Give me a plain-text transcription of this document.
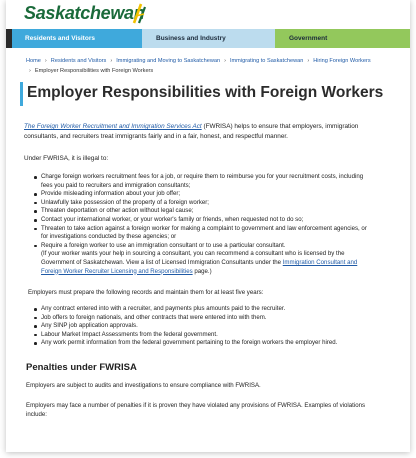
Saskatchewan
Residents and Visitors	Business and Industry	Government
Home › Residents and Visitors › Immigrating and Moving to Saskatchewan › Immigrating to Saskatchewan › Hiring Foreign Workers
› Employer Responsibilities with Foreign Workers
Employer Responsibilities with Foreign Workers

The Foreign Worker Recruitment and Immigration Services Act (FWRISA) helps to ensure that employers, immigration consultants, and recruiters treat immigrants fairly and in a fair, honest, and respectful manner.

Under FWRISA, it is illegal to:

Charge foreign workers recruitment fees for a job, or require them to reimburse you for your recruitment costs, including fees you paid to recruiters and immigration consultants;
Provide misleading information about your job offer;
Unlawfully take possession of the property of a foreign worker;
Threaten deportation or other action without legal cause;
Contact your international worker, or your worker's family or friends, when requested not to do so;
Threaten to take action against a foreign worker for making a complaint to government and law enforcement agencies, or for investigations conducted by these agencies; or
Require a foreign worker to use an immigration consultant or to use a particular consultant.
(If your worker wants your help in sourcing a consultant, you can recommend a consultant who is licensed by the Government of Saskatchewan. View a list of Licensed Immigration Consultants under the Immigration Consultant and Foreign Worker Recruiter Licensing and Responsibilities page.)

Employers must prepare the following records and maintain them for at least five years:

Any contract entered into with a recruiter, and payments plus amounts paid to the recruiter.
Job offers to foreign nationals, and other contracts that were entered into with them.
Any SINP job application approvals.
Labour Market Impact Assessments from the federal government.
Any work permit information from the federal government pertaining to the foreign workers the employer hired.
Penalties under FWRISA

Employers are subject to audits and investigations to ensure compliance with FWRISA.

Employers may face a number of penalties if it is proven they have violated any provisions of FWRISA. Examples of violations include:
